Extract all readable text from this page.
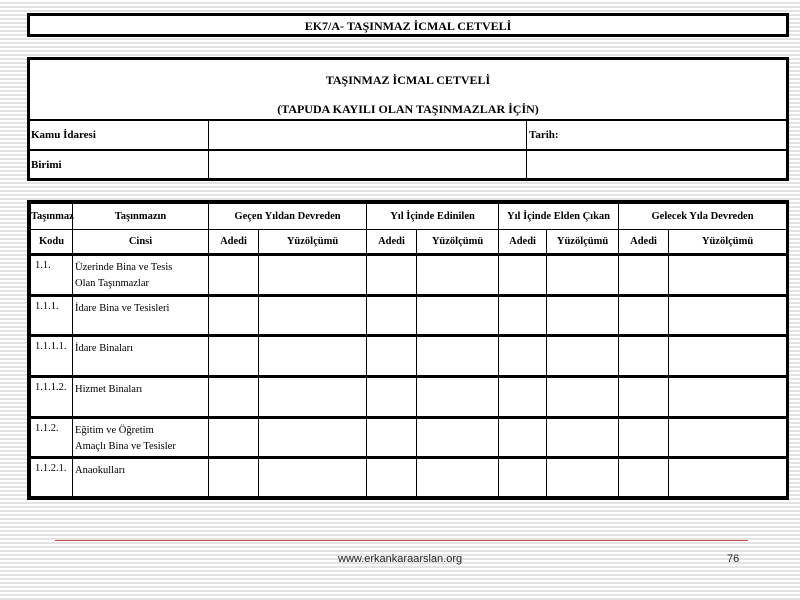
EK7/A- TAŞINMAZ İCMAL CETVELİ
TAŞINMAZ İCMAL CETVELİ
(TAPUDA KAYILI OLAN TAŞINMAZLAR İÇİN)
Kamu İdaresi	Tarih:
Birimi
Taşınmaz	Taşınmazın	Geçen Yıldan Devreden		Yıl İçinde Edinilen		Yıl İçinde Elden Çıkan		Gelecek Yıla Devreden	
Kodu	Cinsi	Adedi	Yüzölçümü	Adedi	Yüzölçümü	Adedi	Yüzölçümü	Adedi	Yüzölçümü
1.1.	Üzerinde Bina ve Tesis
Olan Taşınmazlar								

1.1.1.	İdare Bina ve Tesisleri								

1.1.1.1.	İdare Binaları								

1.1.1.2.	Hizmet Binaları								

1.1.2.	Eğitim ve Öğretim
Amaçlı Bina ve Tesisler								

1.1.2.1.	Anaokulları								

www.erkankaraarslan.org	76
